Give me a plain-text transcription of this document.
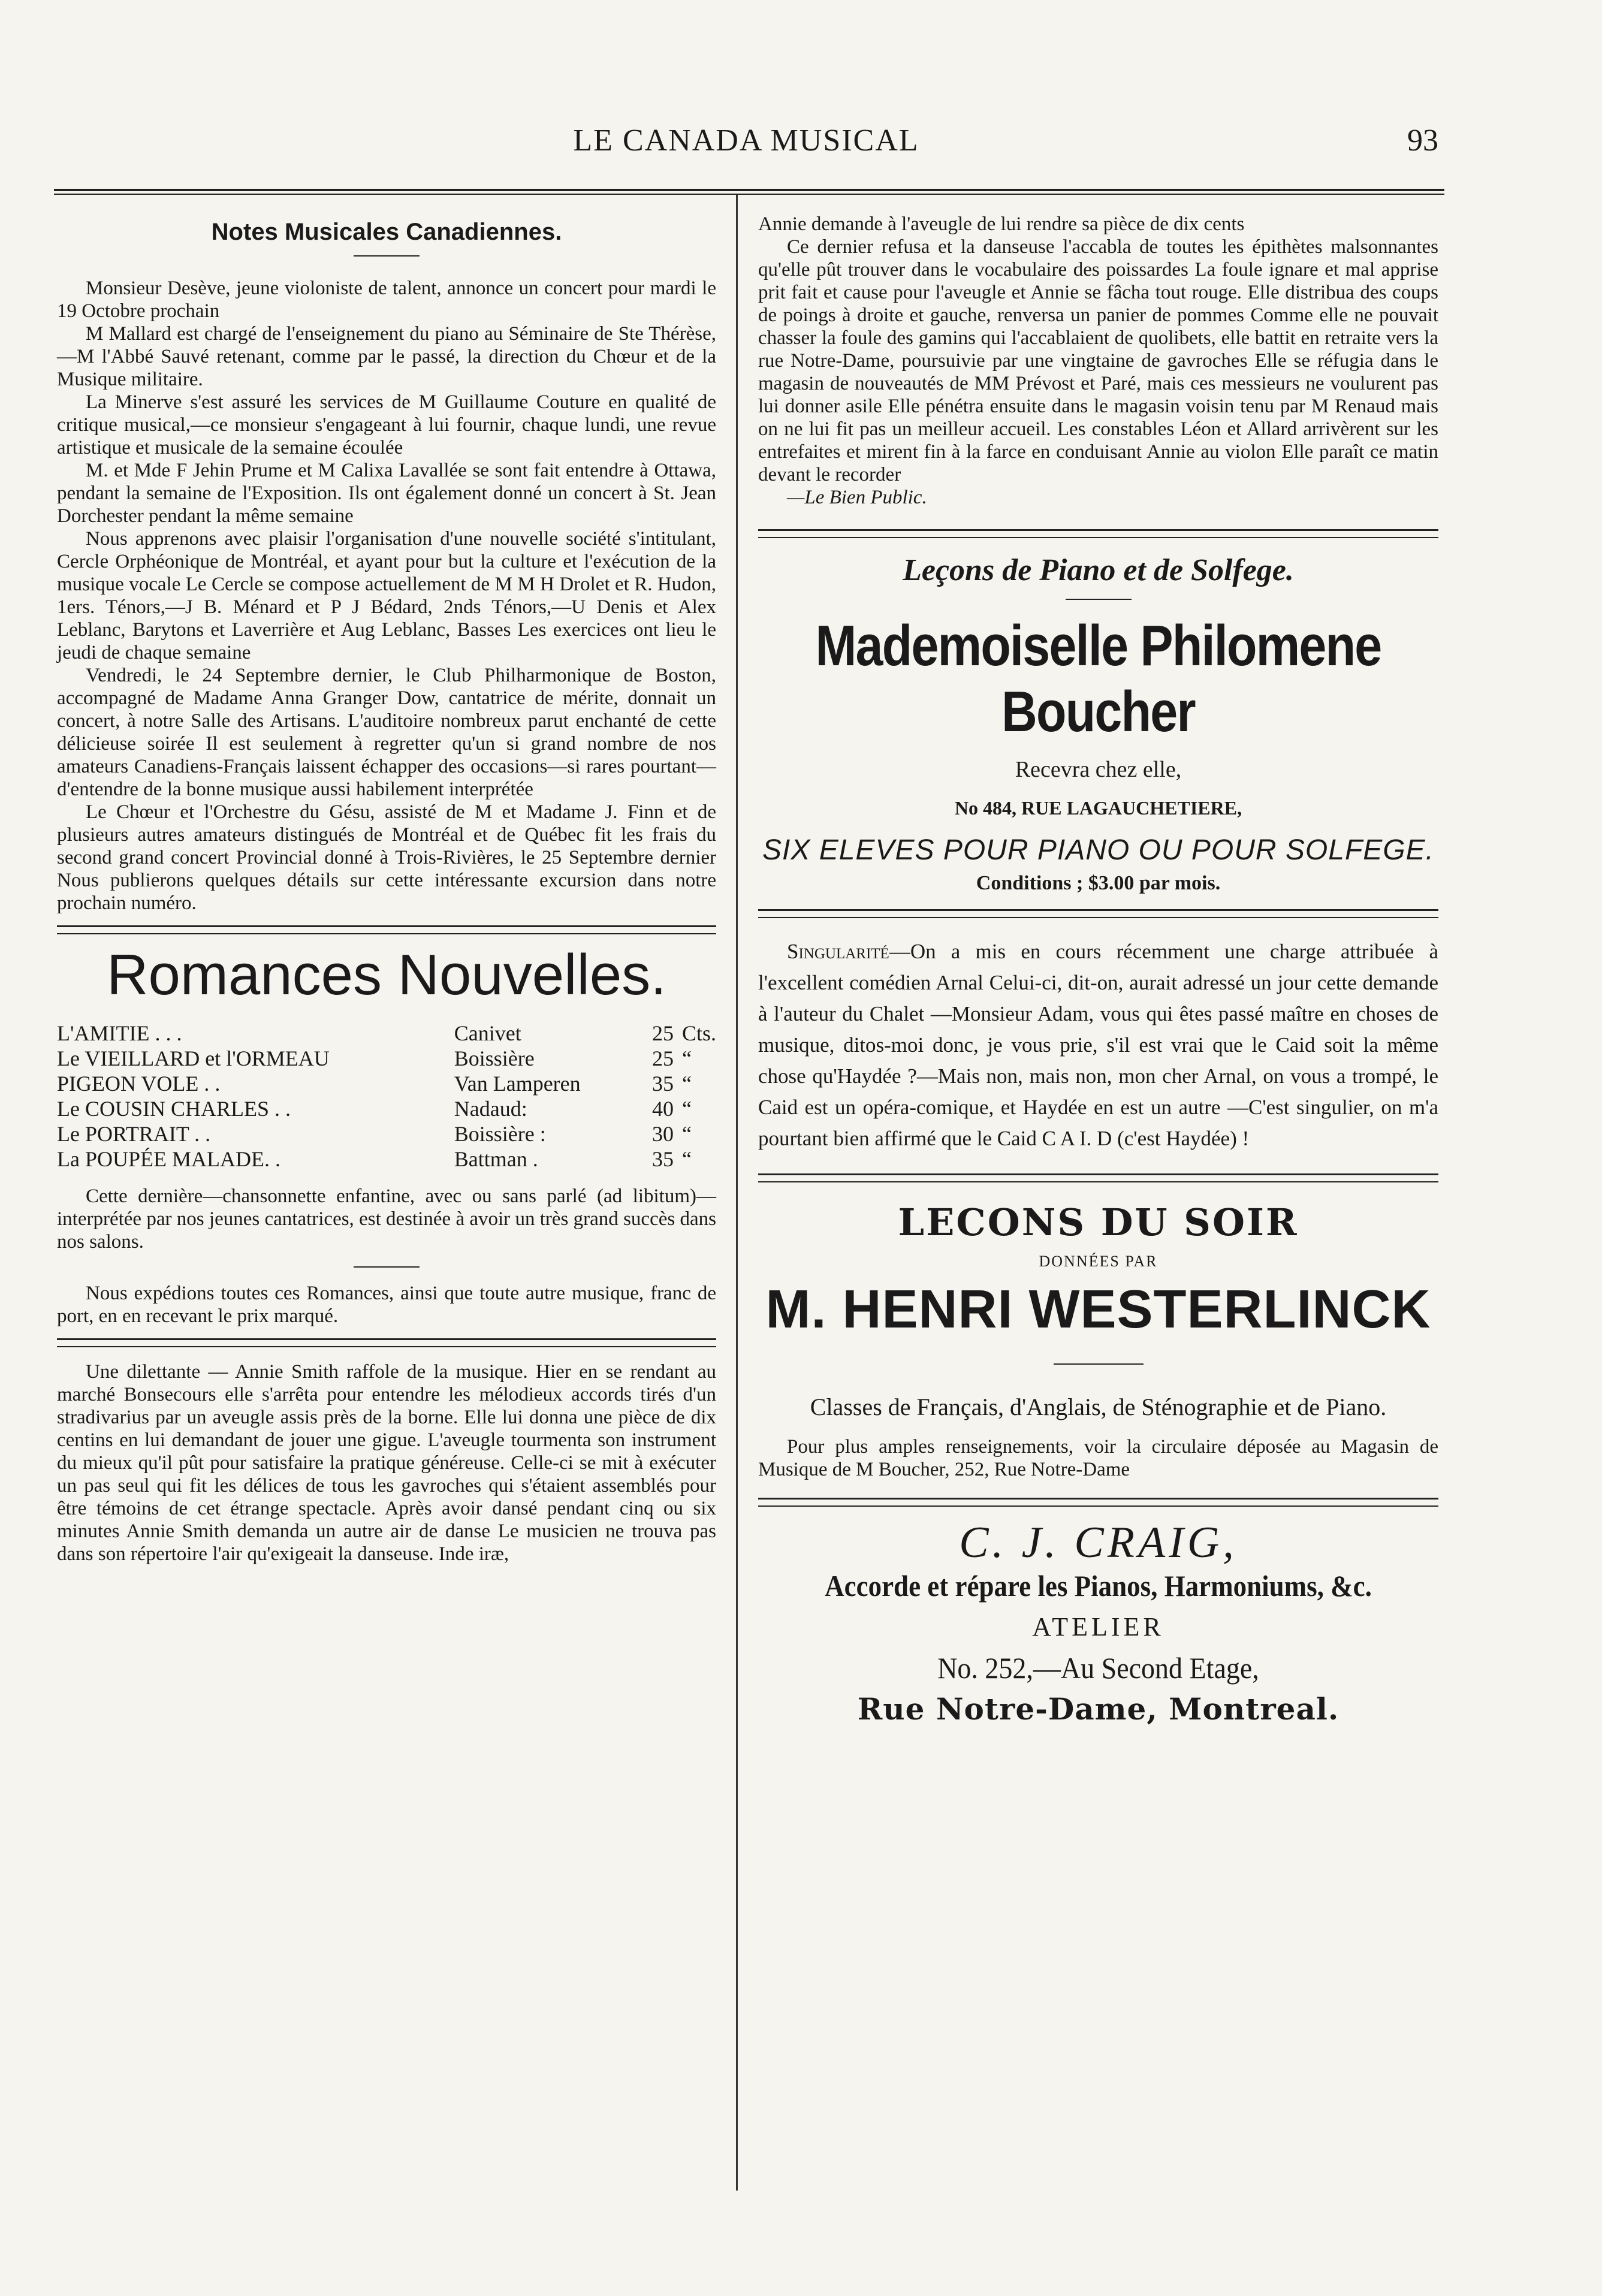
LE CANADA MUSICAL	93
Notes Musicales Canadiennes.

Monsieur Desève, jeune violoniste de talent, annonce un concert pour mardi le 19 Octobre prochain

M Mallard est chargé de l'enseignement du piano au Séminaire de Ste Thérèse,—M l'Abbé Sauvé retenant, comme par le passé, la direction du Chœur et de la Musique militaire.

La Minerve s'est assuré les services de M Guillaume Couture en qualité de critique musical,—ce monsieur s'engageant à lui fournir, chaque lundi, une revue artistique et musicale de la semaine écoulée

M. et Mde F Jehin Prume et M Calixa Lavallée se sont fait entendre à Ottawa, pendant la semaine de l'Exposition. Ils ont également donné un concert à St. Jean Dorchester pendant la même semaine

Nous apprenons avec plaisir l'organisation d'une nouvelle société s'intitulant, Cercle Orphéonique de Montréal, et ayant pour but la culture et l'exécution de la musique vocale Le Cercle se compose actuellement de M M H Drolet et R. Hudon, 1ers. Ténors,—J B. Ménard et P J Bédard, 2nds Ténors,—U Denis et Alex Leblanc, Barytons et Laverrière et Aug Leblanc, Basses Les exercices ont lieu le jeudi de chaque semaine

Vendredi, le 24 Septembre dernier, le Club Philharmonique de Boston, accompagné de Madame Anna Granger Dow, cantatrice de mérite, donnait un concert, à notre Salle des Artisans. L'auditoire nombreux parut enchanté de cette délicieuse soirée Il est seulement à regretter qu'un si grand nombre de nos amateurs Canadiens-Français laissent échapper des occasions—si rares pourtant—d'entendre de la bonne musique aussi habilement interprétée

Le Chœur et l'Orchestre du Gésu, assisté de M et Madame J. Finn et de plusieurs autres amateurs distingués de Montréal et de Québec fit les frais du second grand concert Provincial donné à Trois-Rivières, le 25 Septembre dernier Nous publierons quelques détails sur cette intéressante excursion dans notre prochain numéro.

Romances Nouvelles.
L'AMITIE . . .	Canivet	25	Cts.
Le VIEILLARD et l'ORMEAU	Boissière	25	“
PIGEON VOLE . .	Van Lamperen	35	“
Le COUSIN CHARLES . .	Nadaud:	40	“
Le PORTRAIT . .	Boissière :	30	“
La POUPÉE MALADE. .	Battman .	35	“

Cette dernière—chansonnette enfantine, avec ou sans parlé (ad libitum)—interprétée par nos jeunes cantatrices, est destinée à avoir un très grand succès dans nos salons.

Nous expédions toutes ces Romances, ainsi que toute autre musique, franc de port, en en recevant le prix marqué.

Une dilettante — Annie Smith raffole de la musique. Hier en se rendant au marché Bonsecours elle s'arrêta pour entendre les mélodieux accords tirés d'un stradivarius par un aveugle assis près de la borne. Elle lui donna une pièce de dix centins en lui demandant de jouer une gigue. L'aveugle tourmenta son instrument du mieux qu'il pût pour satisfaire la pratique généreuse. Celle-ci se mit à exécuter un pas seul qui fit les délices de tous les gavroches qui s'étaient assemblés pour être témoins de cet étrange spectacle. Après avoir dansé pendant cinq ou six minutes Annie Smith demanda un autre air de danse Le musicien ne trouva pas dans son répertoire l'air qu'exigeait la danseuse. Inde iræ,

Annie demande à l'aveugle de lui rendre sa pièce de dix cents

Ce dernier refusa et la danseuse l'accabla de toutes les épithètes malsonnantes qu'elle pût trouver dans le vocabulaire des poissardes La foule ignare et mal apprise prit fait et cause pour l'aveugle et Annie se fâcha tout rouge. Elle distribua des coups de poings à droite et gauche, renversa un panier de pommes Comme elle ne pouvait chasser la foule des gamins qui l'accablaient de quolibets, elle battit en retraite vers la rue Notre-Dame, poursuivie par une vingtaine de gavroches Elle se réfugia dans le magasin de nouveautés de MM Prévost et Paré, mais ces messieurs ne voulurent pas lui donner asile Elle pénétra ensuite dans le magasin voisin tenu par M Renaud mais on ne lui fit pas un meilleur accueil. Les constables Léon et Allard arrivèrent sur les entrefaites et mirent fin à la farce en conduisant Annie au violon Elle paraît ce matin devant le recorder

—Le Bien Public.

Leçons de Piano et de Solfege.
Mademoiselle Philomene Boucher
Recevra chez elle,
No 484, RUE LAGAUCHETIERE,
SIX ELEVES POUR PIANO OU POUR SOLFEGE.
Conditions ; $3.00 par mois.

Singularité—On a mis en cours récemment une charge attribuée à l'excellent comédien Arnal Celui-ci, dit-on, aurait adressé un jour cette demande à l'auteur du Chalet —Monsieur Adam, vous qui êtes passé maître en choses de musique, ditos-moi donc, je vous prie, s'il est vrai que le Caid soit la même chose qu'Haydée ?—Mais non, mais non, mon cher Arnal, on vous a trompé, le Caid est un opéra-comique, et Haydée en est un autre —C'est singulier, on m'a pourtant bien affirmé que le Caid C A I. D (c'est Haydée) !

LECONS DU SOIR
DONNÉES PAR
M. HENRI WESTERLINCK
Classes de Français, d'Anglais, de Sténographie et de Piano.

Pour plus amples renseignements, voir la circulaire déposée au Magasin de Musique de M Boucher, 252, Rue Notre-Dame

C. J. CRAIG,
Accorde et répare les Pianos, Harmoniums, &c.
ATELIER
No. 252,—Au Second Etage,
Rue Notre-Dame, Montreal.
